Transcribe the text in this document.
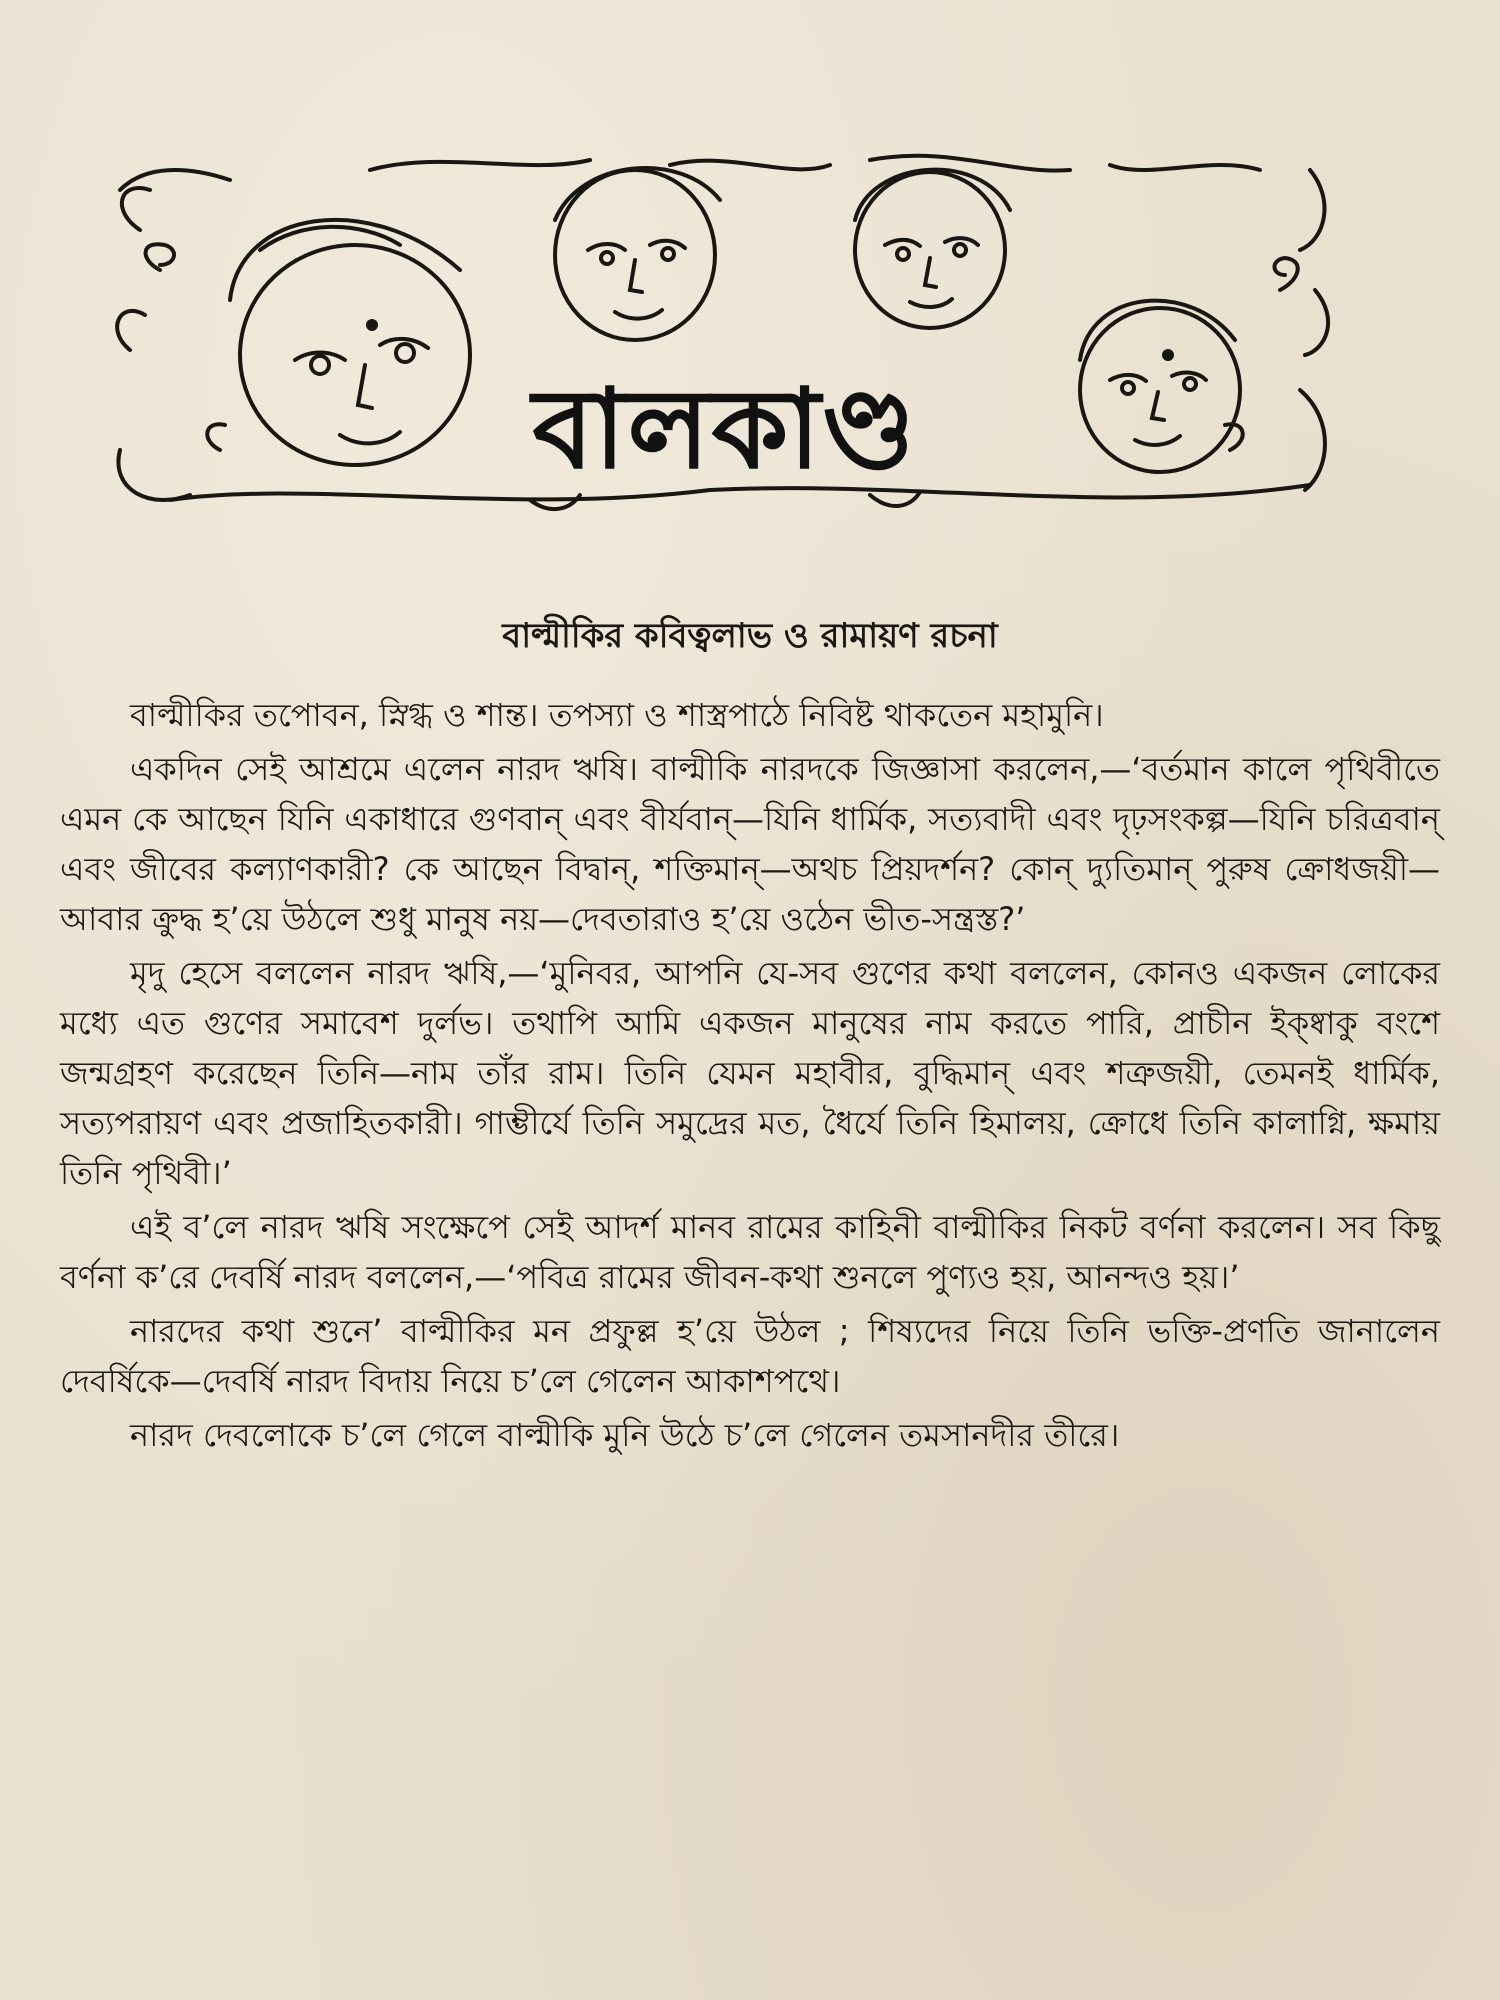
বালকাণ্ড
বাল্মীকির কবিত্বলাভ ও রামায়ণ রচনা

বাল্মীকির তপোবন, স্নিগ্ধ ও শান্ত। তপস্যা ও শাস্ত্রপাঠে নিবিষ্ট থাকতেন মহামুনি।

একদিন সেই আশ্রমে এলেন নারদ ঋষি। বাল্মীকি নারদকে জিজ্ঞাসা করলেন,—‘বর্তমান কালে পৃথিবীতে এমন কে আছেন যিনি একাধারে গুণবান্ এবং বীর্যবান্—যিনি ধার্মিক, সত্যবাদী এবং দৃঢ়সংকল্প—যিনি চরিত্রবান্ এবং জীবের কল্যাণকারী? কে আছেন বিদ্বান্, শক্তিমান্—অথচ প্রিয়দর্শন? কোন্ দ্যুতিমান্ পুরুষ ক্রোধজয়ী—আবার ক্রুদ্ধ হ’য়ে উঠলে শুধু মানুষ নয়—দেবতারাও হ’য়ে ওঠেন ভীত-সন্ত্রস্ত?’

মৃদু হেসে বললেন নারদ ঋষি,—‘মুনিবর, আপনি যে-সব গুণের কথা বললেন, কোনও একজন লোকের মধ্যে এত গুণের সমাবেশ দুর্লভ। তথাপি আমি একজন মানুষের নাম করতে পারি, প্রাচীন ইক্ষ্বাকু বংশে জন্মগ্রহণ করেছেন তিনি—নাম তাঁর রাম। তিনি যেমন মহাবীর, বুদ্ধিমান্ এবং শত্রুজয়ী, তেমনই ধার্মিক, সত্যপরায়ণ এবং প্রজাহিতকারী। গাম্ভীর্যে তিনি সমুদ্রের মত, ধৈর্যে তিনি হিমালয়, ক্রোধে তিনি কালাগ্নি, ক্ষমায় তিনি পৃথিবী।’

এই ব’লে নারদ ঋষি সংক্ষেপে সেই আদর্শ মানব রামের কাহিনী বাল্মীকির নিকট বর্ণনা করলেন। সব কিছু বর্ণনা ক’রে দেবর্ষি নারদ বললেন,—‘পবিত্র রামের জীবন-কথা শুনলে পুণ্যও হয়, আনন্দও হয়।’

নারদের কথা শুনে’ বাল্মীকির মন প্রফুল্ল হ’য়ে উঠল ; শিষ্যদের নিয়ে তিনি ভক্তি-প্রণতি জানালেন দেবর্ষিকে—দেবর্ষি নারদ বিদায় নিয়ে চ’লে গেলেন আকাশপথে।

নারদ দেবলোকে চ’লে গেলে বাল্মীকি মুনি উঠে চ’লে গেলেন তমসানদীর তীরে।
